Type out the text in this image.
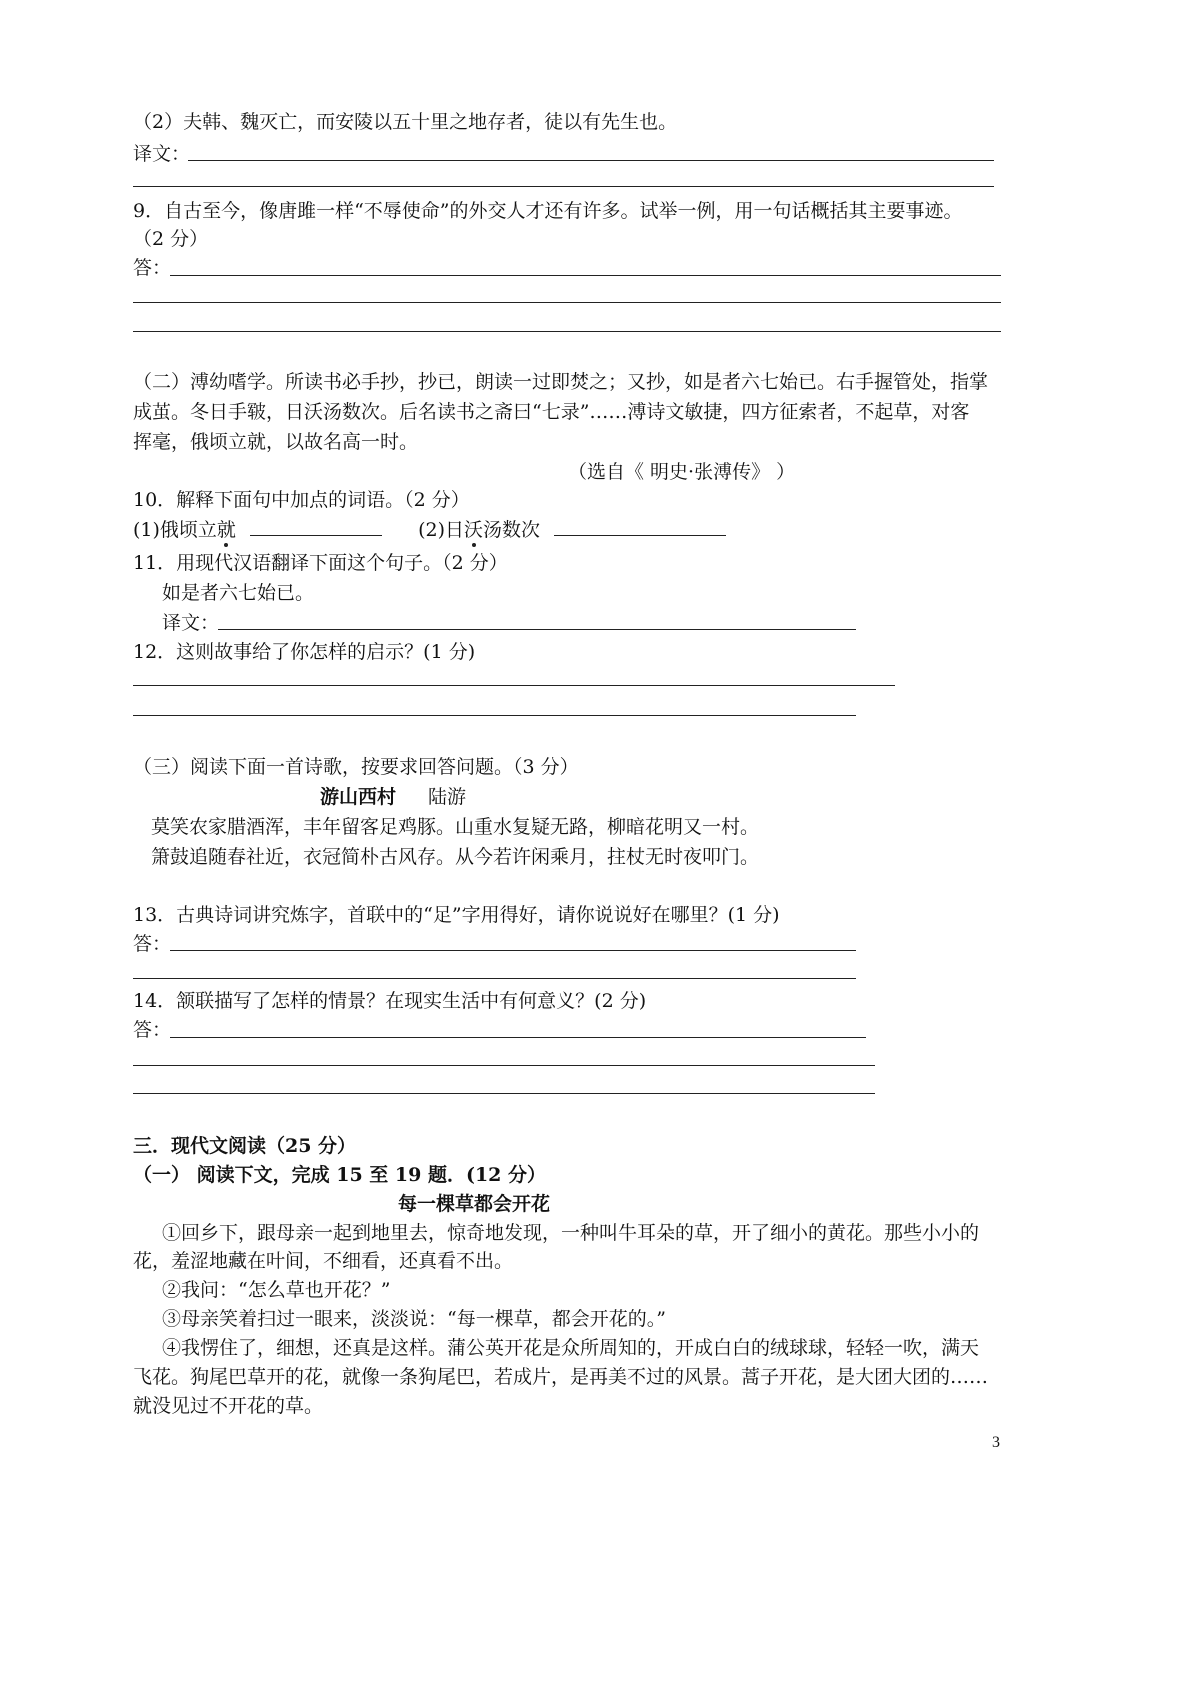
（2）夫韩、魏灭亡，而安陵以五十里之地存者，徒以有先生也。
译文：
9．自古至今，像唐雎一样“不辱使命”的外交人才还有许多。试举一例，用一句话概括其主要事迹。
（2 分）
答：
（二）溥幼嗜学。所读书必手抄，抄已，朗读一过即焚之；又抄，如是者六七始已。右手握管处，指掌
成茧。冬日手皲，日沃汤数次。后名读书之斋曰“七录”……溥诗文敏捷，四方征索者，不起草，对客
挥毫，俄顷立就，以故名高一时。
（选自《 明史·张溥传》 ）
10．解释下面句中加点的词语。（2 分）
(1)俄顷立就	(2)日沃汤数次
11．用现代汉语翻译下面这个句子。（2 分）
如是者六七始已。
译文：
12．这则故事给了你怎样的启示？(1 分)
（三）阅读下面一首诗歌，按要求回答问题。（3 分）
游山西村 陆游
莫笑农家腊酒浑，丰年留客足鸡豚。山重水复疑无路，柳暗花明又一村。
箫鼓追随春社近，衣冠简朴古风存。从今若许闲乘月，拄杖无时夜叩门。
13．古典诗词讲究炼字，首联中的“足”字用得好，请你说说好在哪里？(1 分)
答：
14．颔联描写了怎样的情景？在现实生活中有何意义？(2 分)
答：
三．现代文阅读（25 分）
（一） 阅读下文，完成 15 至 19 题．(12 分）
每一棵草都会开花
①回乡下，跟母亲一起到地里去，惊奇地发现，一种叫牛耳朵的草，开了细小的黄花。那些小小的
花，羞涩地藏在叶间，不细看，还真看不出。
②我问：“怎么草也开花？”
③母亲笑着扫过一眼来，淡淡说：“每一棵草，都会开花的。”
④我愣住了，细想，还真是这样。蒲公英开花是众所周知的，开成白白的绒球球，轻轻一吹，满天
飞花。狗尾巴草开的花，就像一条狗尾巴，若成片，是再美不过的风景。蒿子开花，是大团大团的……
就没见过不开花的草。
3
